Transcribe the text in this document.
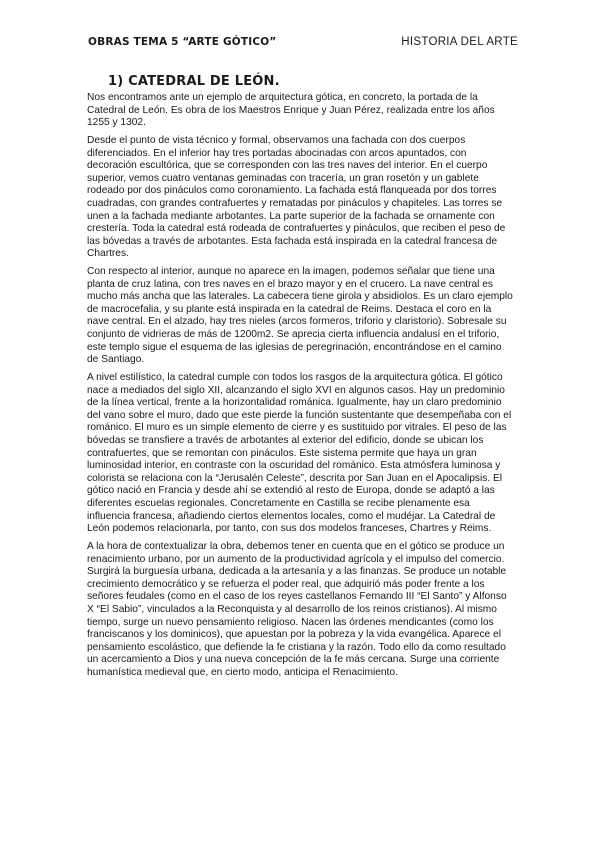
OBRAS TEMA 5 “ARTE GÓTICO”	HISTORIA DEL ARTE
1) CATEDRAL DE LEÓN.

Nos encontramos ante un ejemplo de arquitectura gótica, en concreto, la portada de la Catedral de León. Es obra de los Maestros Enrique y Juan Pérez, realizada entre los años 1255 y 1302.

Desde el punto de vista técnico y formal, observamos una fachada con dos cuerpos diferenciados. En el inferior hay tres portadas abocinadas con arcos apuntados, con decoración escultórica, que se corresponden con las tres naves del interior. En el cuerpo superior, vemos cuatro ventanas geminadas con tracería, un gran rosetón y un gablete rodeado por dos pináculos como coronamiento. La fachada está flanqueada por dos torres cuadradas, con grandes contrafuertes y rematadas por pináculos y chapiteles. Las torres se unen a la fachada mediante arbotantes. La parte superior de la fachada se ornamente con crestería. Toda la catedral está rodeada de contrafuertes y pináculos, que reciben el peso de las bóvedas a través de arbotantes. Esta fachada está inspirada en la catedral francesa de Chartres.

Con respecto al interior, aunque no aparece en la imagen, podemos señalar que tiene una planta de cruz latina, con tres naves en el brazo mayor y en el crucero. La nave central es mucho más ancha que las laterales. La cabecera tiene girola y absidiolos. Es un claro ejemplo de macrocefalia, y su plante está inspirada en la catedral de Reims. Destaca el coro en la nave central. En el alzado, hay tres nieles (arcos formeros, triforio y claristorio). Sobresale su conjunto de vidrieras de más de 1200m2. Se aprecia cierta influencia andalusí en el triforio, este templo sigue el esquema de las iglesias de peregrinación, encontrándose en el camino de Santiago.

A nivel estilístico, la catedral cumple con todos los rasgos de la arquitectura gótica. El gótico nace a mediados del siglo XII, alcanzando el siglo XVI en algunos casos. Hay un predominio de la línea vertical, frente a la horizontalidad románica. Igualmente, hay un claro predominio del vano sobre el muro, dado que este pierde la función sustentante que desempeñaba con el románico. El muro es un simple elemento de cierre y es sustituido por vitrales. El peso de las bóvedas se transfiere a través de arbotantes al exterior del edificio, donde se ubican los contrafuertes, que se remontan con pináculos. Este sistema permite que haya un gran luminosidad interior, en contraste con la oscuridad del románico. Esta atmósfera luminosa y colorista se relaciona con la “Jerusalén Celeste”, descrita por San Juan en el Apocalipsis. El gótico nació en Francia y desde ahí se extendió al resto de Europa, donde se adaptó a las diferentes escuelas regionales. Concretamente en Castilla se recibe plenamente esa influencia francesa, añadiendo ciertos elementos locales, como el mudéjar. La Catedral de León podemos relacionarla, por tanto, con sus dos modelos franceses, Chartres y Reims.

A la hora de contextualizar la obra, debemos tener en cuenta que en el gótico se produce un renacimiento urbano, por un aumento de la productividad agrícola y el impulso del comercio. Surgirá la burguesía urbana, dedicada a la artesanía y a las finanzas. Se produce un notable crecimiento democrático y se refuerza el poder real, que adquirió más poder frente a los señores feudales (como en el caso de los reyes castellanos Fernando III “El Santo” y Alfonso X “El Sabio”, vinculados a la Reconquista y al desarrollo de los reinos cristianos). Al mismo tiempo, surge un nuevo pensamiento religioso. Nacen las órdenes mendicantes (como los franciscanos y los dominicos), que apuestan por la pobreza y la vida evangélica. Aparece el pensamiento escolástico, que defiende la fe cristiana y la razón. Todo ello da como resultado un acercamiento a Dios y una nueva concepción de la fe más cercana. Surge una corriente humanística medieval que, en cierto modo, anticipa el Renacimiento.
